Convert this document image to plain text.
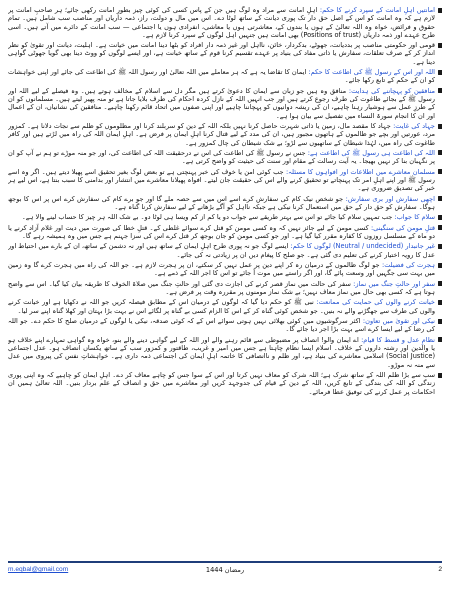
امانتیں اہلِ امانت کے سپرد کرنے کا حکم: اہلِ امانت سے مراد وہ لوگ ہیں جن کے پاس کسی کی کوئی چیز بطورِ امانت رکھی جائے؛ ہر صاحبِ امانت پر لازم ہے کہ وہ امانت کو اس کے اصل حق دار تک پوری دیانت کے ساتھ لوٹا دے۔ اس میں مال و دولت، راز، ذمہ داریاں اور مناصب سب شامل ہیں۔ تمام حقوق و فرائض، خواہ وہ اللہ تعالیٰ کے ہوں یا بندوں کے، معاشرتی ہوں یا معاشی، انفرادی ہوں یا اجتماعی — سب امانت کے دائرے میں آتے ہیں۔ اسی طرح عہدے اور ذمہ داریاں (Positions of trust) بھی امانت ہیں جنہیں اہل لوگوں کے سپرد کرنا لازم ہے۔

قومی اور حکومتی مناصب پر بددیانت، جھوٹے، بدکردار، خائن، نااہل اور غیر ذمہ دار افراد کو بٹھا دینا امانت میں خیانت ہے۔ اہلیت، دیانت اور تقویٰ کو نظر انداز کر کے صرف تعلقات، سفارش یا ذاتی مفاد کی بنیاد پر عہدے تقسیم کرنا قوم کے ساتھ خیانت ہے، اور ایسے لوگوں کو ووٹ دینا بھی گویا جھوٹی گواہی دینا ہے۔

اللہ اور اس کے رسول ﷺ کی اطاعت کا حکم: ایمان کا تقاضا یہ ہے کہ ہر معاملے میں اللہ تعالیٰ اور رسول اللہ ﷺ کی اطاعت کی جائے اور اپنی خواہشات کو ان کے حکم کے تابع رکھا جائے۔

منافقین کو پہچاننے کی ہدایت: منافق وہ ہیں جو زبان سے ایمان کا دعویٰ کرتے ہیں مگر دل سے اسلام کے مخالف ہوتے ہیں۔ وہ فیصلے کے لیے اللہ اور رسول ﷺ کے بجائے طاغوت کی طرف رجوع کرتے ہیں اور جب انہیں اللہ کے نازل کردہ احکام کی طرف بلایا جاتا ہے تو منہ پھیر لیتے ہیں۔ مسلمانوں کو ان کے طرزِ عمل سے ہوشیار رہنا چاہیے، ان کی ریشہ دوانیوں کو پہچاننا چاہیے اور اپنی صفوں میں اتحاد قائم رکھنا چاہیے۔ منافقین کی نشانیاں، ان کے اعمال اور ان کا انجام سورۃ النساء میں تفصیل سے بیان ہوا ہے۔

جہاد کی غایت: جہاد کا مقصد مال، زمین یا ذاتی شہرت حاصل کرنا نہیں بلکہ اللہ کے دین کو سربلند کرنا اور مظلوموں کو ظلم سے نجات دلانا ہے۔ کمزور مرد، عورتیں اور بچے جو ظالموں کے ہاتھوں مجبور ہیں، ان کی مدد کے لیے قتال کرنا اہلِ ایمان پر فرض ہے۔ اہلِ ایمان اللہ کی راہ میں لڑتے ہیں اور کافر طاغوت کی راہ میں، لہٰذا شیطان کے ساتھیوں سے لڑو؛ بے شک شیطان کی چال کمزور ہے۔

اللہ کی اطاعت ہی رسول ﷺ کی اطاعت ہے: جس نے رسول ﷺ کی اطاعت کی اس نے درحقیقت اللہ کی اطاعت کی، اور جو منہ موڑے تو ہم نے آپ کو ان پر نگہبان بنا کر نہیں بھیجا۔ یہ آیت رسالت کے مقام اور سنت کی حیثیت کو واضح کرتی ہے۔

مسلمان معاشرے میں اطلاعات اور افواہوں کا مسئلہ: جب کوئی امن یا خوف کی خبر پہنچتی ہے تو بعض لوگ بغیر تحقیق اسے پھیلا دیتے ہیں۔ اگر وہ اسے رسول ﷺ اور اپنے اہلِ امر تک پہنچاتے تو تحقیق کرنے والے اس کی حقیقت جان لیتے۔ افواہ پھیلانا معاشرے میں انتشار اور بدامنی کا سبب بنتا ہے، اس لیے ہر خبر کی تصدیق ضروری ہے۔

اچھی سفارش اور بری سفارش: جو شخص نیک کام کی سفارش کرے اسے اس میں سے حصہ ملے گا اور جو برے کام کی سفارش کرے اس پر اس کا بوجھ ہوگا۔ سفارش کو حق دار کے حق میں استعمال کرنا نیکی ہے جبکہ نااہل کو آگے بڑھانے کے لیے سفارش کرنا گناہ ہے۔

سلام کا جواب: جب تمہیں سلام کیا جائے تو اس سے بہتر طریقے سے جواب دو یا کم از کم ویسا ہی لوٹا دو۔ بے شک اللہ ہر چیز کا حساب لینے والا ہے۔

قتلِ مومن کی سنگینی: کسی مومن کے لیے جائز نہیں کہ وہ کسی مومن کو قتل کرے سوائے غلطی کے۔ قتلِ خطا کی صورت میں دیت اور غلام آزاد کرنے یا دو ماہ کے مسلسل روزوں کا کفارہ مقرر کیا گیا ہے۔ اور جو کسی مومن کو جان بوجھ کر قتل کرے اس کی سزا جہنم ہے جس میں وہ ہمیشہ رہے گا۔

غیر جانبدار (Neutral / undecided) لوگوں کا حکم: ایسے لوگ جو نہ پوری طرح اہلِ ایمان کے ساتھ ہیں اور نہ دشمن کے ساتھ، ان کے بارے میں احتیاط اور عدل کا رویہ اختیار کرنے کی تعلیم دی گئی ہے۔ جو صلح کا پیغام دیں ان پر زیادتی نہ کی جائے۔

ہجرت کی فضیلت: جو لوگ ظالموں کے درمیان رہ کر اپنے دین پر عمل نہیں کر سکتے، ان پر ہجرت لازم ہے۔ جو اللہ کی راہ میں ہجرت کرے گا وہ زمین میں بہت سی جگہیں اور وسعت پائے گا، اور اگر راستے میں موت آ جائے تو اس کا اجر اللہ کے ذمے ہے۔

سفر اور حالتِ جنگ میں نماز: سفر کی حالت میں نماز قصر کرنے کی اجازت دی گئی اور حالتِ جنگ میں صلاۃ الخوف کا طریقہ بیان کیا گیا۔ اس سے واضح ہوتا ہے کہ کسی بھی حال میں نماز معاف نہیں؛ بے شک نماز مومنوں پر مقررہ وقت پر فرض ہے۔

خیانت کرنے والوں کی حمایت کی ممانعت: نبی ﷺ کو حکم دیا گیا کہ لوگوں کے درمیان اس کے مطابق فیصلہ کریں جو اللہ نے دکھایا ہے اور خیانت کرنے والوں کی طرف سے جھگڑنے والے نہ بنیں۔ جو شخص کوئی گناہ کر کے اس کا الزام کسی بے گناہ پر لگائے اس نے بہت بڑا بہتان اور کھلا گناہ اپنے سر لیا۔

نیکی اور تقویٰ میں تعاون: اکثر سرگوشیوں میں کوئی بھلائی نہیں ہوتی سوائے اس کے کہ کوئی صدقہ، نیکی یا لوگوں کے درمیان صلح کا حکم دے۔ جو اللہ کی رضا کے لیے ایسا کرے اسے بہت بڑا اجر دیا جائے گا۔

نظامِ عدل و قسط کا قیام: اے ایمان والو! انصاف پر مضبوطی سے قائم رہنے والے اور اللہ کے لیے گواہی دینے والے بنو، خواہ وہ گواہی تمہارے اپنے خلاف ہو یا والدین اور رشتہ داروں کے خلاف۔ اسلام ایسا نظام چاہتا ہے جس میں امیر و غریب، طاقتور و کمزور سب کے ساتھ یکساں انصاف ہو۔ عدل اجتماعی (Social Justice) اسلامی معاشرے کی بنیاد ہے، اور ظلم و ناانصافی کا خاتمہ اہلِ ایمان کی اجتماعی ذمہ داری ہے۔ خواہشاتِ نفس کی پیروی میں عدل سے منہ نہ موڑو۔

سب سے بڑا ظلم اللہ کے ساتھ شرک ہے؛ اللہ شرک کو معاف نہیں کرتا اور اس کے سوا جس کو چاہے معاف کر دے۔ اہلِ ایمان کو چاہیے کہ وہ اپنی پوری زندگی کو اللہ کی بندگی کے تابع کریں، اللہ کے دین کے قیام کی جدوجہد کریں اور معاشرے میں حق و انصاف کے علم بردار بنیں۔ اللہ تعالیٰ ہمیں ان احکامات پر عمل کرنے کی توفیق عطا فرمائے۔

m.eqbal@gmail.com	رمضان 1444	2
